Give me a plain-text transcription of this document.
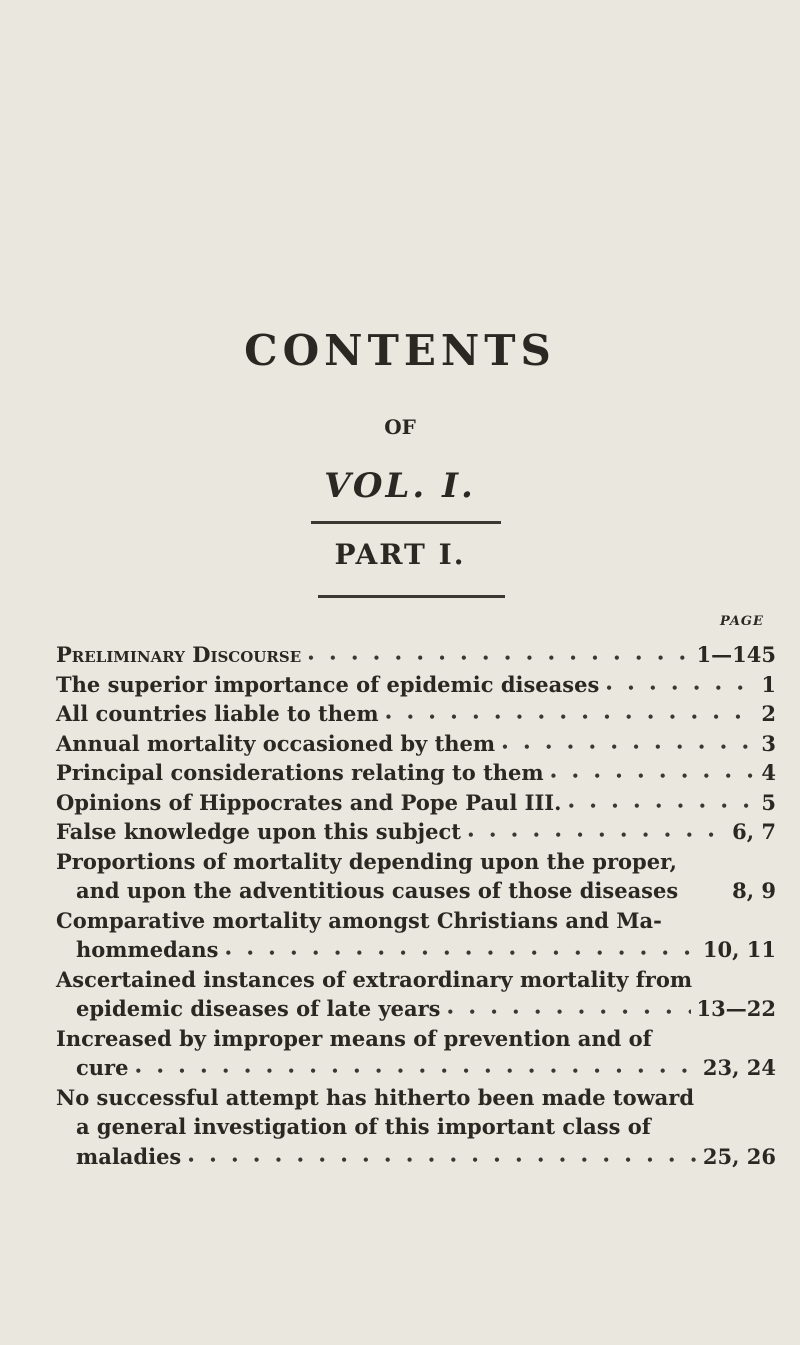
CONTENTS
OF
VOL. I.
PART I.
PAGE
Preliminary Discourse • • •	1—145
The superior importance of epidemic diseases • • •	1
All countries liable to them • • •	2
Annual mortality occasioned by them • • •	3
Principal considerations relating to them • • •	4
Opinions of Hippocrates and Pope Paul III. • • •	5
False knowledge upon this subject • • •	6, 7
Proportions of mortality depending upon the proper,
and upon the adventitious causes of those diseases	8, 9
Comparative mortality amongst Christians and Ma-
hommedans • • •	10, 11
Ascertained instances of extraordinary mortality from
epidemic diseases of late years • • •	13—22
Increased by improper means of prevention and of
cure • • •	23, 24
No successful attempt has hitherto been made toward
a general investigation of this important class of
maladies • • •	25, 26
